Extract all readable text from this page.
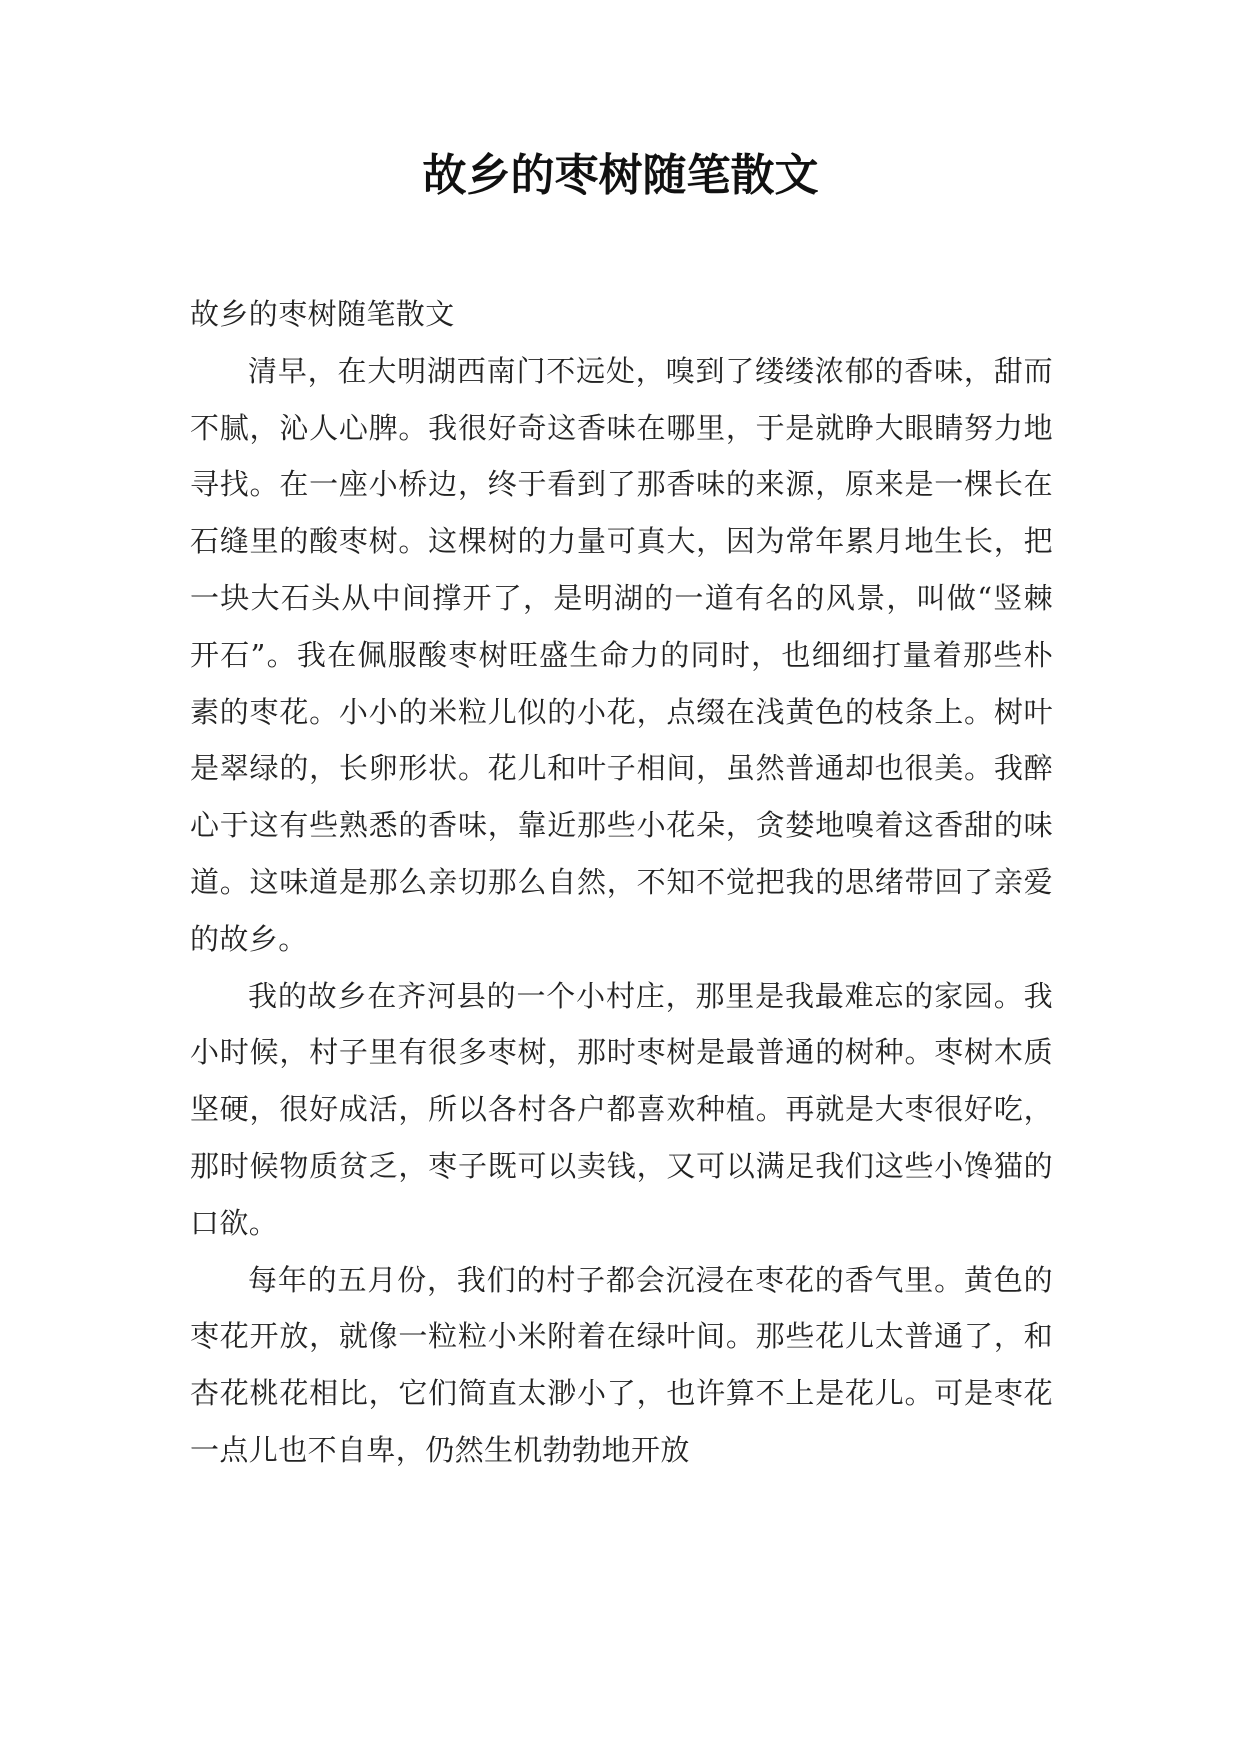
故乡的枣树随笔散文

故乡的枣树随笔散文

清早，在大明湖西南门不远处，嗅到了缕缕浓郁的香味，甜而不腻，沁人心脾。我很好奇这香味在哪里，于是就睁大眼睛努力地寻找。在一座小桥边，终于看到了那香味的来源，原来是一棵长在石缝里的酸枣树。这棵树的力量可真大，因为常年累月地生长，把一块大石头从中间撑开了，是明湖的一道有名的风景，叫做“竖棘开石”。我在佩服酸枣树旺盛生命力的同时，也细细打量着那些朴素的枣花。小小的米粒儿似的小花，点缀在浅黄色的枝条上。树叶是翠绿的，长卵形状。花儿和叶子相间，虽然普通却也很美。我醉心于这有些熟悉的香味，靠近那些小花朵，贪婪地嗅着这香甜的味道。这味道是那么亲切那么自然，不知不觉把我的思绪带回了亲爱的故乡。

我的故乡在齐河县的一个小村庄，那里是我最难忘的家园。我小时候，村子里有很多枣树，那时枣树是最普通的树种。枣树木质坚硬，很好成活，所以各村各户都喜欢种植。再就是大枣很好吃，那时候物质贫乏，枣子既可以卖钱，又可以满足我们这些小馋猫的口欲。

每年的五月份，我们的村子都会沉浸在枣花的香气里。黄色的枣花开放，就像一粒粒小米附着在绿叶间。那些花儿太普通了，和杏花桃花相比，它们简直太渺小了，也许算不上是花儿。可是枣花一点儿也不自卑，仍然生机勃勃地开放
